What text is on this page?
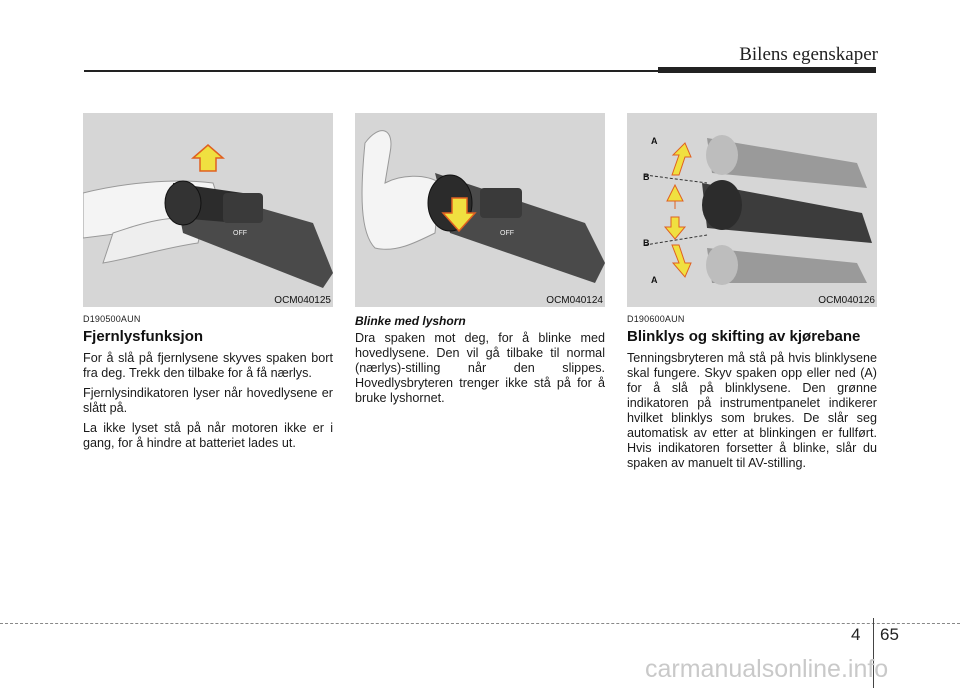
Bilens egenskaper
OFF
OCM040125
OFF
OCM040124
A
B
B
A
OCM040126
D190500AUN
Fjernlysfunksjon

For å slå på fjernlysene skyves spaken bort fra deg. Trekk den tilbake for å få nærlys.

Fjernlysindikatoren lyser når hovedlysene er slått på.

La ikke lyset stå på når motoren ikke er i gang, for å hindre at batteriet lades ut.

Blinke med lyshorn

Dra spaken mot deg, for å blinke med hovedlysene. Den vil gå tilbake til normal (nærlys)-stilling når den slippes. Hovedlysbryteren trenger ikke stå på for å bruke lyshornet.

D190600AUN
Blinklys og skifting av kjørebane

Tenningsbryteren må stå på hvis blinklysene skal fungere. Skyv spaken opp eller ned (A) for å slå på blinklysene. Den grønne indikatoren på instrumentpanelet indikerer hvilket blinklys som brukes. De slår seg automatisk av etter at blinkingen er fullført. Hvis indikatoren forsetter å blinke, slår du spaken av manuelt til AV-stilling.

4 65
carmanualsonline.info
